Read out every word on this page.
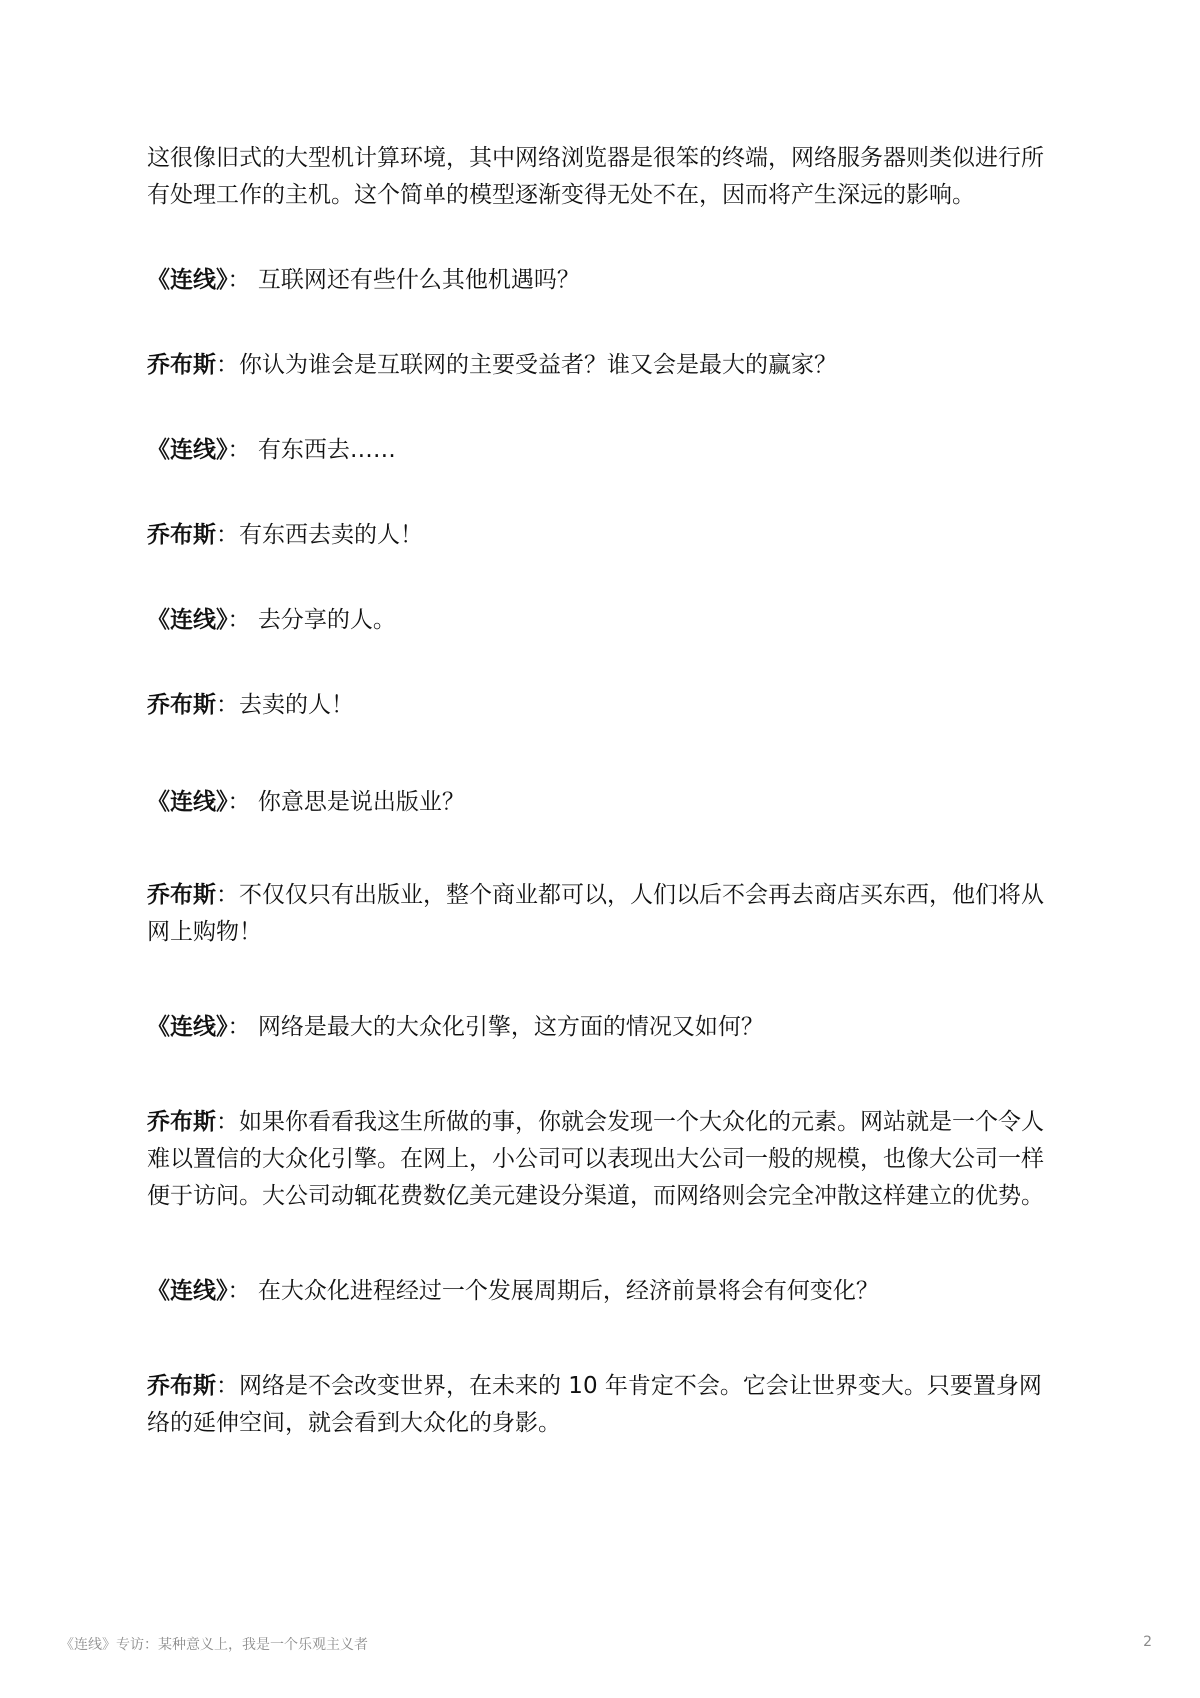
这很像旧式的大型机计算环境，其中网络浏览器是很笨的终端，网络服务器则类似进行所有处理工作的主机。这个简单的模型逐渐变得无处不在，因而将产生深远的影响。

《连线》： 互联网还有些什么其他机遇吗？

乔布斯：你认为谁会是互联网的主要受益者？谁又会是最大的赢家？

《连线》： 有东西去……

乔布斯：有东西去卖的人！

《连线》： 去分享的人。

乔布斯：去卖的人！

《连线》： 你意思是说出版业？

乔布斯：不仅仅只有出版业，整个商业都可以，人们以后不会再去商店买东西，他们将从网上购物！

《连线》： 网络是最大的大众化引擎，这方面的情况又如何？

乔布斯：如果你看看我这生所做的事，你就会发现一个大众化的元素。网站就是一个令人难以置信的大众化引擎。在网上，小公司可以表现出大公司一般的规模，也像大公司一样便于访问。大公司动辄花费数亿美元建设分渠道，而网络则会完全冲散这样建立的优势。

《连线》： 在大众化进程经过一个发展周期后，经济前景将会有何变化？

乔布斯：网络是不会改变世界，在未来的 10 年肯定不会。它会让世界变大。只要置身网络的延伸空间，就会看到大众化的身影。

《连线》专访：某种意义上，我是一个乐观主义者	2
